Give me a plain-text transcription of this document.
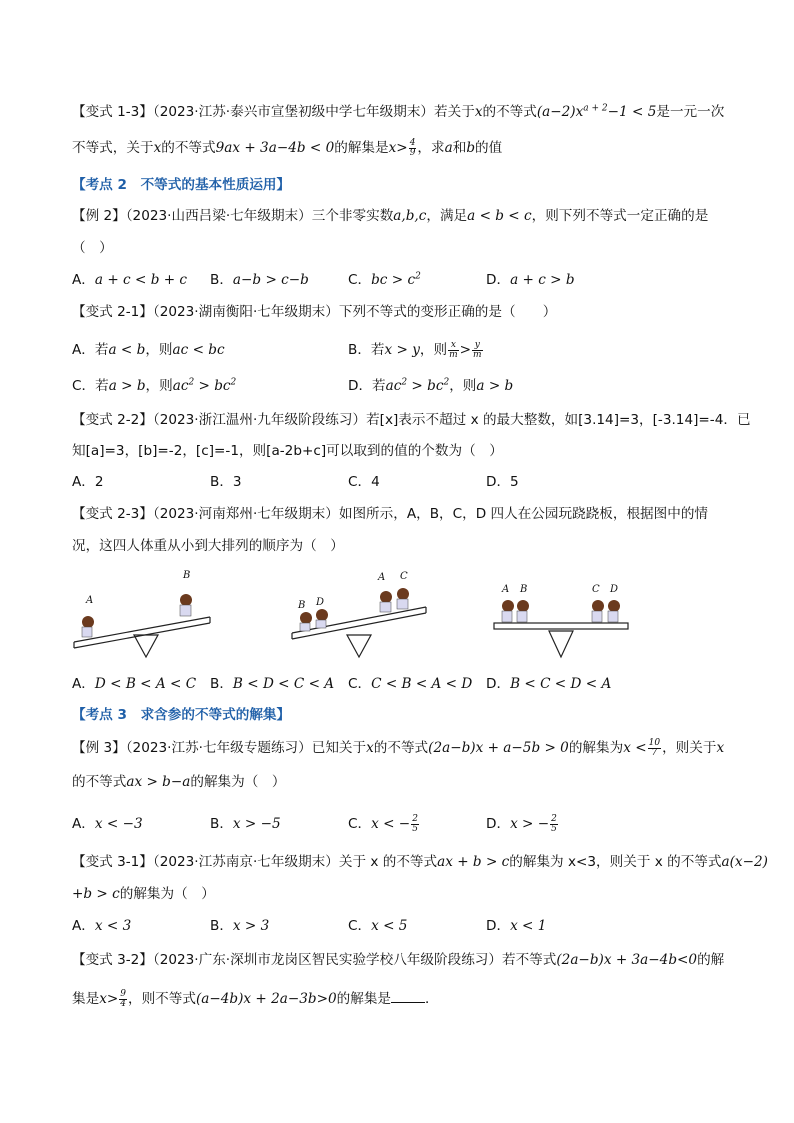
【变式 1-3】（2023·江苏·泰兴市宣堡初级中学七年级期末）若关于x的不等式$(a-2)x^{a + 2}-1 < 5$是一元一次
不等式，关于x的不等式9ax + 3a−4b < 0的解集是$x> \frac{4}{9}$ ，求a和b的值
【考点 2　不等式的基本性质运用】
【例 2】（2023·山西吕梁·七年级期末）三个非零实数a,b,c，满足a < b < c，则下列不等式一定正确的是
（　）
A．a + c < b + c B．a−b > c−b	C．bc > $c^2$	D．a + c > b
【变式 2-1】（2023·湖南衡阳·七年级期末）下列不等式的变形正确的是（　　）
A．若a < b，则ac < bc	B．若x > y，则 $\frac{x}{m} > \frac{y}{m}$
C．若a > b，则$ac^2 > bc^2$	D．若$ac^2 > bc^2$，则a > b
【变式 2-2】（2023·浙江温州·九年级阶段练习）若[x]表示不超过 x 的最大整数，如[3.14]=3，[-3.14]=-4．已
知[a]=3，[b]=-2，[c]=-1，则[a-2b+c]可以取到的值的个数为（　）
A．2	B．3	C．4	D．5
【变式 2-3】（2023·河南郑州·七年级期末）如图所示，A，B，C，D 四人在公园玩跷跷板，根据图中的情
况，这四人体重从小到大排列的顺序为（　）
A
B
B D
A C
A B	C D
A．D < B < A < C B．B < D < C < A C．C < B < A < D D．B < C < D < A
【考点 3　求含参的不等式的解集】
【例 3】（2023·江苏·七年级专题练习）已知关于x的不等式(2a−b)x + a−5b > 0的解集为$x < \frac{10}{7}$ ，则关于x
的不等式ax > b−a的解集为（　）
A．x < −3	B．x > −5	C．x < − $\frac{2}{5}$	D．x > − $\frac{2}{5}$
【变式 3-1】（2023·江苏南京·七年级期末）关于 x 的不等式ax + b > c的解集为 x<3，则关于 x 的不等式a(x−2)
+b > c的解集为（　）
A．x < 3	B．x > 3	C．x < 5	D．x < 1
【变式 3-2】（2023·广东·深圳市龙岗区智民实验学校八年级阶段练习）若不等式(2a−b)x + 3a−4b<0的解
集是$x> \frac{9}{4}$ ，则不等式(a−4b)x + 2a−3b>0的解集是	．
